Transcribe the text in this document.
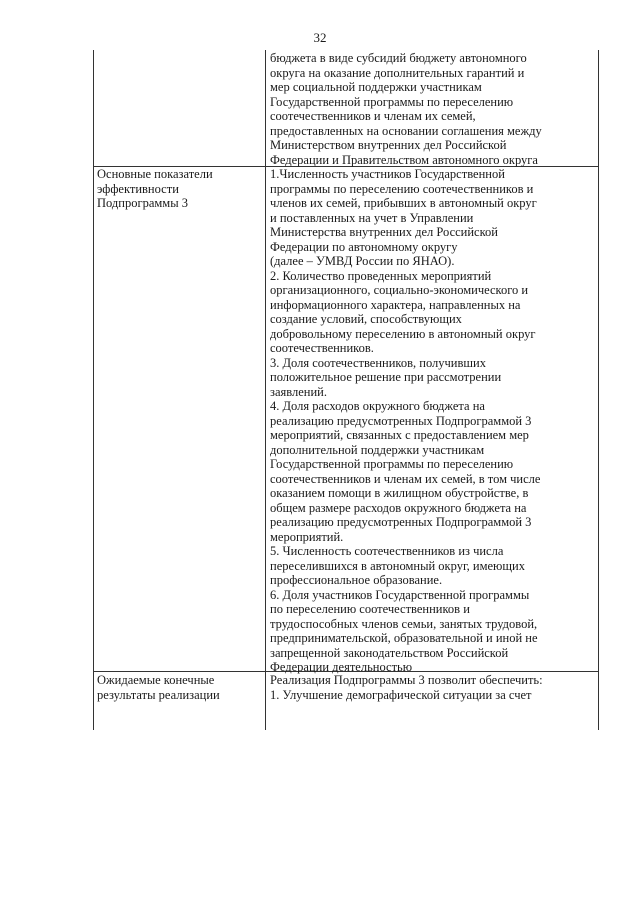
32
бюджета в виде субсидий бюджету автономного
округа на оказание дополнительных гарантий и
мер социальной поддержки участникам
Государственной программы по переселению
соотечественников и членам их семей,
предоставленных на основании соглашения между
Министерством внутренних дел Российской
Федерации и Правительством автономного округа
Основные показатели
эффективности
Подпрограммы 3
1.Численность участников Государственной
программы по переселению соотечественников и
членов их семей, прибывших в автономный округ
и поставленных на учет в Управлении
Министерства внутренних дел Российской
Федерации по автономному округу
(далее – УМВД России по ЯНАО).
2. Количество проведенных мероприятий
организационного, социально-экономического и
информационного характера, направленных на
создание условий, способствующих
добровольному переселению в автономный округ
соотечественников.
3. Доля соотечественников, получивших
положительное решение при рассмотрении
заявлений.
4. Доля расходов окружного бюджета на
реализацию предусмотренных Подпрограммой 3
мероприятий, связанных с предоставлением мер
дополнительной поддержки участникам
Государственной программы по переселению
соотечественников и членам их семей, в том числе
оказанием помощи в жилищном обустройстве, в
общем размере расходов окружного бюджета на
реализацию предусмотренных Подпрограммой 3
мероприятий.
5. Численность соотечественников из числа
переселившихся в автономный округ, имеющих
профессиональное образование.
6. Доля участников Государственной программы
по переселению соотечественников и
трудоспособных членов семьи, занятых трудовой,
предпринимательской, образовательной и иной не
запрещенной законодательством Российской
Федерации деятельностью
Ожидаемые конечные
результаты реализации
Реализация Подпрограммы 3 позволит обеспечить:
1. Улучшение демографической ситуации за счет
